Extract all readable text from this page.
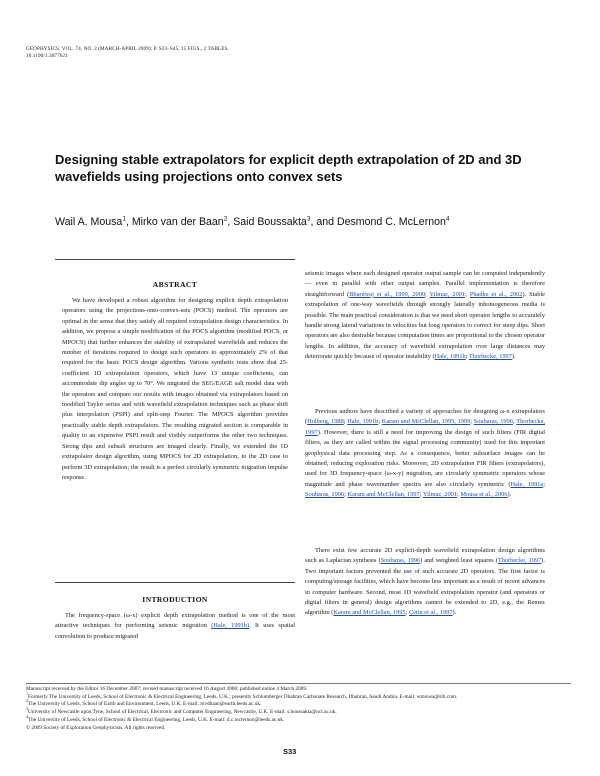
GEOPHYSICS, VOL. 74, NO. 2 (MARCH-APRIL 2009); P. S33–S45, 15 FIGS., 2 TABLES.
10.1190/1.3077621
Designing stable extrapolators for explicit depth extrapolation of 2D and 3D wavefields using projections onto convex sets
Wail A. Mousa$^1$, Mirko van der Baan$^2$, Said Boussakta$^3$, and Desmond C. McLernon$^4$
ABSTRACT

We have developed a robust algorithm for designing explicit depth extrapolation operators using the projections-onto-convex-sets (POCS) method. The operators are optimal in the sense that they satisfy all required extrapolation design characteristics. In addition, we propose a simple modification of the POCS algorithm (modified POCS, or MPOCS) that further enhances the stability of extrapolated wavefields and reduces the number of iterations required to design such operators to approximately 2% of that required for the basic POCS design algorithm. Various synthetic tests show that 25-coefficient 1D extrapolation operators, which have 13 unique coefficients, can accommodate dip angles up to 70°. We migrated the SEG/EAGE salt model data with the operators and compare our results with images obtained via extrapolators based on modified Taylor series and with wavefield extrapolation techniques such as phase shift plus interpolation (PSPI) and split-step Fourier. The MPOCS algorithm provides practically stable depth extrapolators. The resulting migrated section is comparable in quality to an expensive PSPI result and visibly outperforms the other two techniques. Strong dips and subsalt structures are imaged clearly. Finally, we extended the 1D extrapolator design algorithm, using MPOCS for 2D extrapolation, to the 2D case to perform 3D extrapolation; the result is a perfect circularly symmetric migration impulse response.

INTRODUCTION

The frequency-space (ω-x) explicit depth extrapolation method is one of the most attractive techniques for performing seismic migration (Hale, 1991b). It uses spatial convolution to produce migrated

seismic images where each designed operator output sample can be computed independently — even in parallel with other output samples. Parallel implementation is therefore straightforward (Bhardwaj et al., 1999, 2000; Yilmaz, 2001; Phadke et al., 2002). Stable extrapolation of one-way wavefields through strongly laterally inhomogeneous media is possible. The main practical consideration is that we need short operator lengths to accurately handle strong lateral variations in velocities but long operators to correct for steep dips. Short operators are also desirable because computation times are proportional to the chosen operator lengths. In addition, the accuracy of wavefield extrapolation over large distances may deteriorate quickly because of operator instability (Hale, 1991b; Thorbecke, 1997).

Previous authors have described a variety of approaches for designing ω-x extrapolators (Holberg, 1988; Hale, 1991b; Karam and McClellan, 1995, 1999; Soubaras, 1996; Thorbecke, 1997). However, there is still a need for improving the design of such filters (FIR digital filters, as they are called within the signal processing community) used for this important geophysical data processing step. As a consequence, better subsurface images can be obtained, reducing exploration risks. Moreover, 2D extrapolation FIR filters (extrapolators), used for 3D frequency-space (ω-x-y) migration, are circularly symmetric operators whose magnitude and phase wavenumber spectra are also circularly symmetric (Hale, 1991a; Soubaras, 1996; Karam and McClellan, 1997; Yilmaz, 2001; Mousa et al., 2006).

There exist few accurate 2D explicit-depth wavefield extrapolation design algorithms such as Laplacian synthesis (Soubaras, 1996) and weighted least squares (Thorbecke, 1997). Two important factors prevented the use of such accurate 2D operators. The first factor is computing/storage facilities, which have become less important as a result of recent advances in computer hardware. Second, most 1D wavefield extrapolation operator (and operators or digital filters in general) design algorithms cannot be extended to 2D, e.g., the Remez algorithm (Karam and McClellan, 1995; Çetin et al., 1997).

Manuscript received by the Editor 16 December 2007; revised manuscript received 16 August 2008; published online 4 March 2009.

$^1$Formerly The University of Leeds, School of Electronic & Electrical Engineering, Leeds, U.K.; presently Schlumberger Dhahran Carbonate Research, Dhahran, Saudi Arabia. E-mail: wmousa@slb.com.

$^2$The University of Leeds, School of Earth and Environment, Leeds, U.K. E-mail: mvdbaan@earth.leeds.ac.uk.

$^3$University of Newcastle upon Tyne, School of Electrical, Electronic and Computer Engineering, Newcastle, U.K. E-mail: s.boussakta@ncl.ac.uk.

$^4$The University of Leeds, School of Electronic & Electrical Engineering, Leeds, U.K. E-mail: d.c.mclernon@leeds.ac.uk.

© 2009 Society of Exploration Geophysicists. All rights reserved.

S33
